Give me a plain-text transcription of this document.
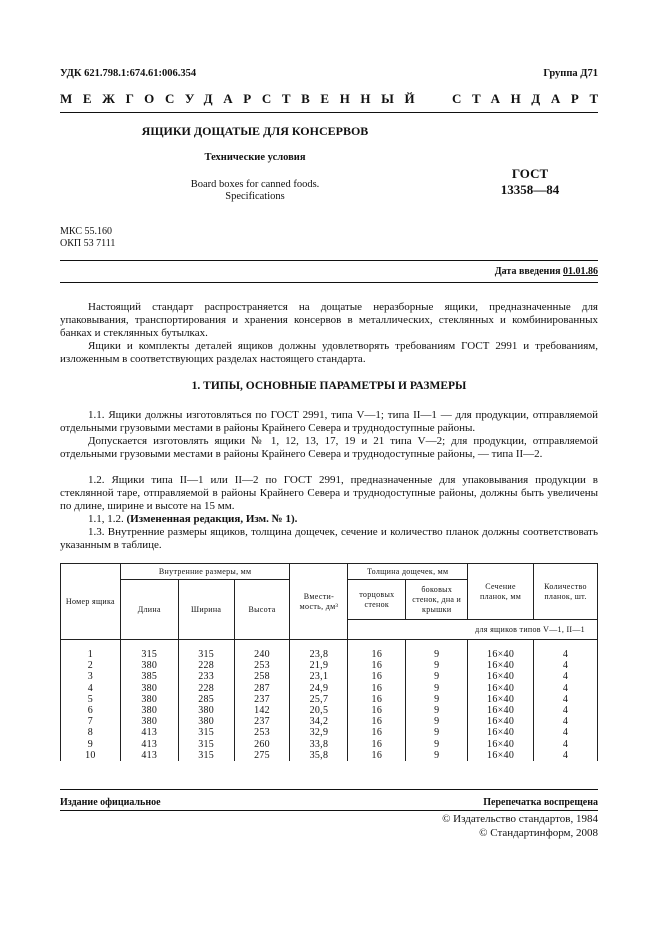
УДК 621.798.1:674.61:006.354	Группа Д71
МЕЖГОСУДАРСТВЕННЫЙ СТАНДАРТ
ЯЩИКИ ДОЩАТЫЕ ДЛЯ КОНСЕРВОВ
Технические условия
Board boxes for canned foods.
Specifications
ГОСТ
13358—84
МКС 55.160
ОКП 53 7111
Дата введения 01.01.86
Настоящий стандарт распространяется на дощатые неразборные ящики, предназначенные для упаковывания, транспортирования и хранения консервов в металлических, стеклянных и комбинированных банках и стеклянных бутылках.
Ящики и комплекты деталей ящиков должны удовлетворять требованиям ГОСТ 2991 и требованиям, изложенным в соответствующих разделах настоящего стандарта.
1. ТИПЫ, ОСНОВНЫЕ ПАРАМЕТРЫ И РАЗМЕРЫ
1.1. Ящики должны изготовляться по ГОСТ 2991, типа V—1; типа II—1 — для продукции, отправляемой отдельными грузовыми местами в районы Крайнего Севера и труднодоступные районы.
Допускается изготовлять ящики № 1, 12, 13, 17, 19 и 21 типа V—2; для продукции, отправляемой отдельными грузовыми местами в районы Крайнего Севера и труднодоступные районы, — типа II—2.
1.2. Ящики типа II—1 или II—2 по ГОСТ 2991, предназначенные для упаковывания продукции в стеклянной таре, отправляемой в районы Крайнего Севера и труднодоступные районы, должны быть увеличены по длине, ширине и высоте на 15 мм.
1.1, 1.2. (Измененная редакция, Изм. № 1).
1.3. Внутренние размеры ящиков, толщина дощечек, сечение и количество планок должны соответствовать указанным в таблице.
Номер ящика	Внутренние размеры, мм			Вмести-мость, дм³	Толщина дощечек, мм		Сечение планок, мм	Количество планок, шт.
	Длина	Ширина	Высота		торцовых стенок	боковых стенок, дна и крышки		
					для ящиков типов V—1, II—1			
1	315	315	240	23,8	16	9	16×40	4
2	380	228	253	21,9	16	9	16×40	4
3	385	233	258	23,1	16	9	16×40	4
4	380	228	287	24,9	16	9	16×40	4
5	380	285	237	25,7	16	9	16×40	4
6	380	380	142	20,5	16	9	16×40	4
7	380	380	237	34,2	16	9	16×40	4
8	413	315	253	32,9	16	9	16×40	4
9	413	315	260	33,8	16	9	16×40	4
10	413	315	275	35,8	16	9	16×40	4
Издание официальное	Перепечатка воспрещена
© Издательство стандартов, 1984
© Стандартинформ, 2008
